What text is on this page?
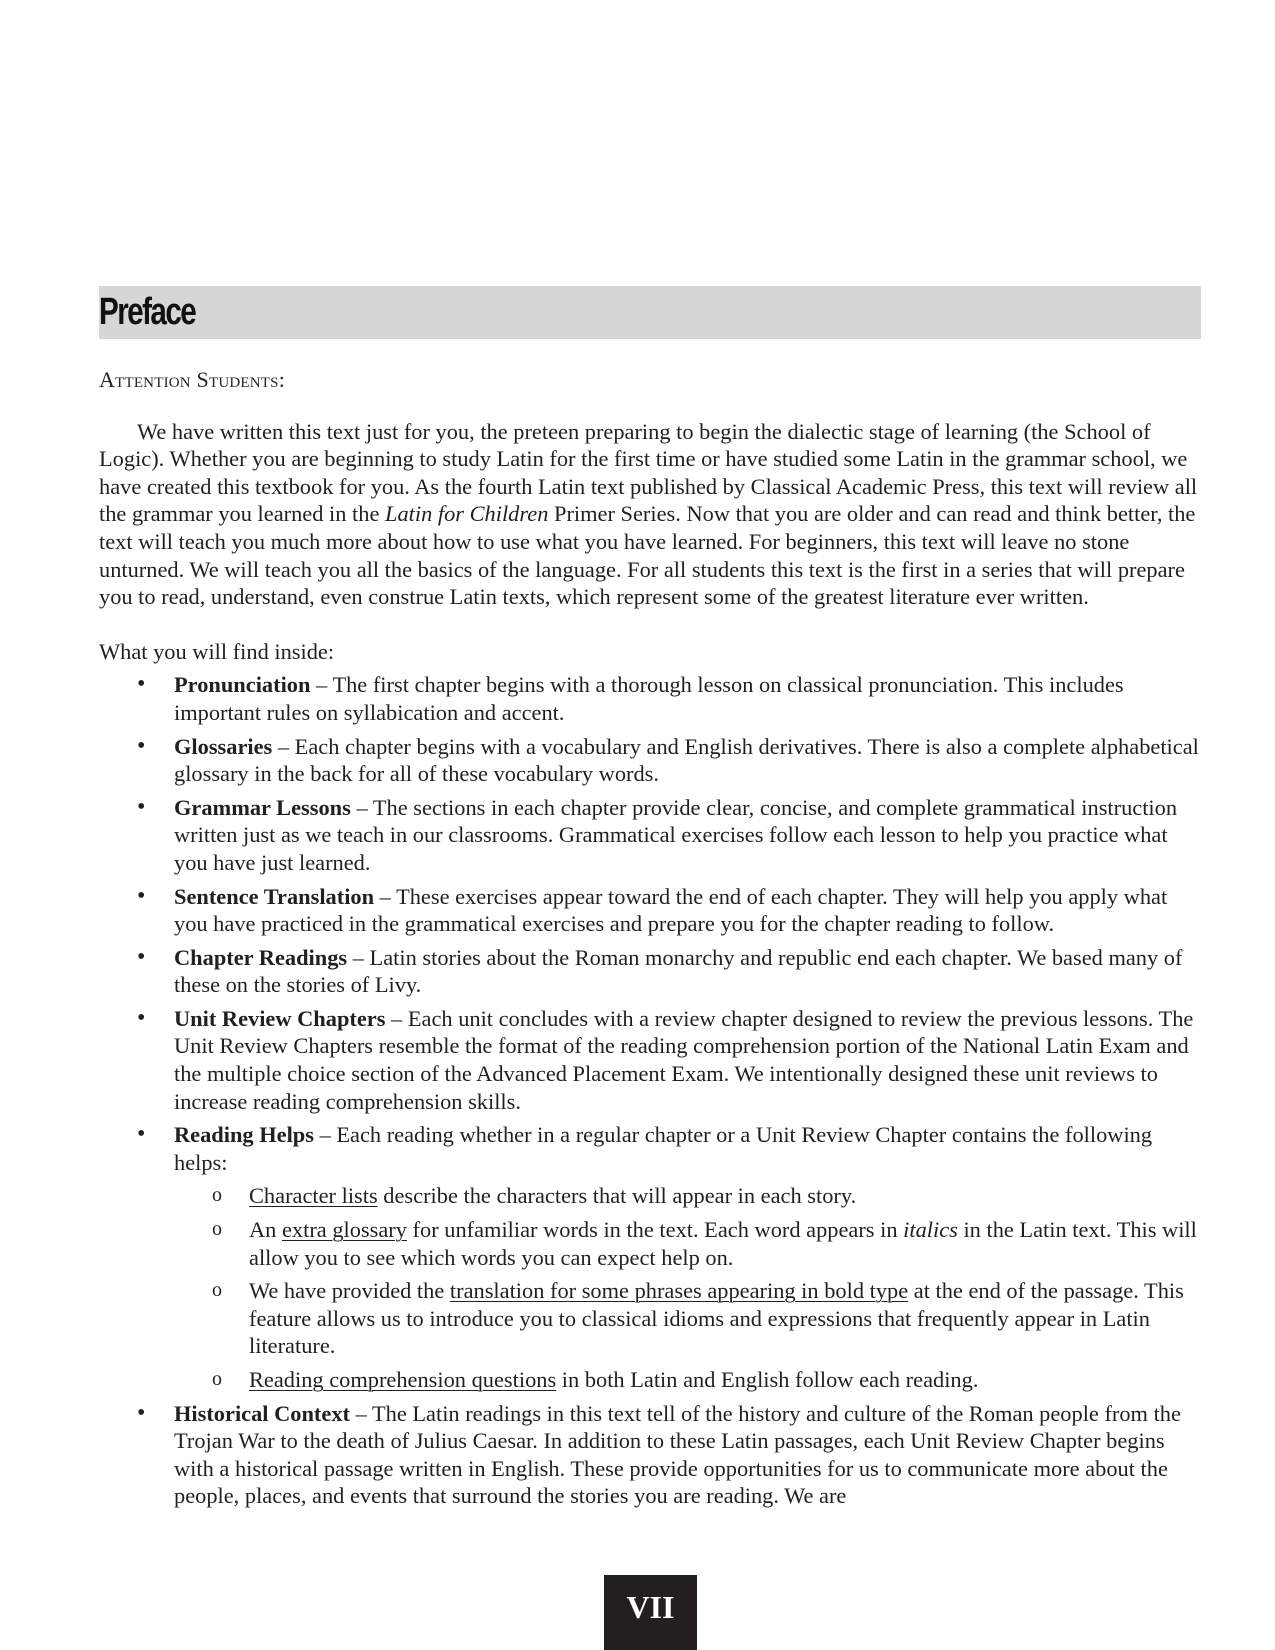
Preface

Attention Students:

We have written this text just for you, the preteen preparing to begin the dialectic stage of learning (the School of Logic). Whether you are beginning to study Latin for the first time or have studied some Latin in the grammar school, we have created this textbook for you. As the fourth Latin text published by Classical Academic Press, this text will review all the grammar you learned in the Latin for Children Primer Series. Now that you are older and can read and think better, the text will teach you much more about how to use what you have learned. For beginners, this text will leave no stone unturned. We will teach you all the basics of the language. For all students this text is the first in a series that will prepare you to read, understand, even construe Latin texts, which represent some of the greatest literature ever written.

What you will find inside:

• Pronunciation – The first chapter begins with a thorough lesson on classical pronunciation. This includes important rules on syllabication and accent.
• Glossaries – Each chapter begins with a vocabulary and English derivatives. There is also a complete alphabetical glossary in the back for all of these vocabulary words.
• Grammar Lessons – The sections in each chapter provide clear, concise, and complete grammatical instruction written just as we teach in our classrooms. Grammatical exercises follow each lesson to help you practice what you have just learned.
• Sentence Translation – These exercises appear toward the end of each chapter. They will help you apply what you have practiced in the grammatical exercises and prepare you for the chapter reading to follow.
• Chapter Readings – Latin stories about the Roman monarchy and republic end each chapter. We based many of these on the stories of Livy.
• Unit Review Chapters – Each unit concludes with a review chapter designed to review the previous lessons. The Unit Review Chapters resemble the format of the reading comprehension portion of the National Latin Exam and the multiple choice section of the Advanced Placement Exam. We intentionally designed these unit reviews to increase reading comprehension skills.
• Reading Helps – Each reading whether in a regular chapter or a Unit Review Chapter contains the following helps:
o Character lists describe the characters that will appear in each story.
o An extra glossary for unfamiliar words in the text. Each word appears in italics in the Latin text. This will allow you to see which words you can expect help on.
o We have provided the translation for some phrases appearing in bold type at the end of the passage. This feature allows us to introduce you to classical idioms and expressions that frequently appear in Latin literature.
o Reading comprehension questions in both Latin and English follow each reading.
• Historical Context – The Latin readings in this text tell of the history and culture of the Roman people from the Trojan War to the death of Julius Caesar. In addition to these Latin passages, each Unit Review Chapter begins with a historical passage written in English. These provide opportunities for us to communicate more about the people, places, and events that surround the stories you are reading. We are
VII
